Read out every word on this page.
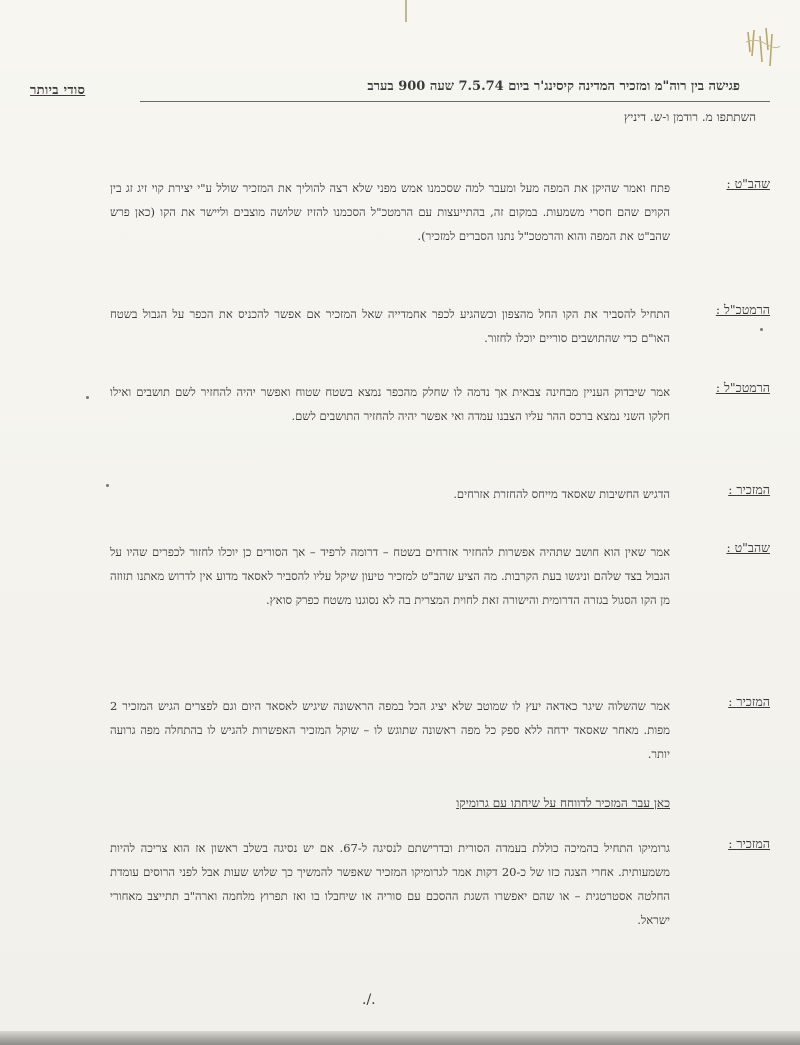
סודי ביותר	פגישה בין רוה"מ ומזכיר המדינה קיסינג'ר ביום 7.5.74 שעה 900 בערב
השתתפו מ. רודמן ו-ש. דיניץ
שהב"ט :
פתח ואמר שהיקן את המפה מעל ומעבר למה שסכמנו אמש מפני שלא רצה להוליך את המזכיר שולל ע"י יצירת קוי זיג זג בין הקוים שהם חסרי משמעות. במקום זה, בהתייעצות עם הרמטכ"ל הסכמנו להזיז שלושה מוצבים וליישר את הקו (כאן פרש שהב"ט את המפה והוא והרמטכ"ל נתנו הסברים למזכיר).
הרמטכ"ל :
התחיל להסביר את הקו החל מהצפון וכשהגיע לכפר אחמדייה שאל המזכיר אם אפשר להכניס את הכפר על הגבול בשטח האו"ם כדי שהתושבים סוריים יוכלו לחזור.
הרמטכ"ל :
אמר שיבדוק העניין מבחינה צבאית אך נדמה לו שחלק מהכפר נמצא בשטח שטוח ואפשר יהיה להחזיר לשם תושבים ואילו חלקו השני נמצא ברכס ההר עליו הצבנו עמדה ואי אפשר יהיה להחזיר התושבים לשם.
המזכיר :
הדגיש החשיבות שאסאד מייחס להחזרת אזרחים.
שהב"ט :
אמר שאין הוא חושב שתהיה אפשרות להחזיר אזרחים בשטח – דרומה לרפיד – אך הסורים כן יוכלו לחזור לכפרים שהיו על הגבול בצד שלהם וניגשו בעת הקרבות. מה הציע שהב"ט למזכיר טיעון שיקל עליו להסביר לאסאד מדוע אין לדרוש מאתנו תזוזה מן הקו הסגול בגזרה הדרומית והישורה זאת לחוית המצרית בה לא נסוגנו משטח כפרק סואץ.
המזכיר :
אמר שהשלוה שיגר כאדאה יעץ לו שמוטב שלא יציג הכל במפה הראשונה שיגיש לאסאד היום וגם לפצרים הגיש המזכיר 2 מפות. מאחר שאסאד ידחה ללא ספק כל מפה ראשונה שתוגש לו – שוקל המזכיר האפשרות להגיש לו בהתחלה מפה גרועה יותר.
כאן עבר המזכיר לדווחח על שיחתו עם גרומיקו
המזכיר :
גרומיקו התחיל בהמיכה כוללת בעמדה הסורית ובדרישתם לנסיגה ל-67. אם יש נסיגה בשלב ראשון אז הוא צריכה להיות משמעותית. אחרי הצגה כזו של כ-20 דקות אמר לגרומיקו המזכיר שאפשר להמשיך כך שלוש שעות אבל לפני הרוסים עומדת החלטה אסטרטגית – או שהם יאפשרו השגת ההסכם עם סוריה או שיחבלו בו ואז תפרוץ מלחמה וארה"ב תתייצב מאחורי ישראל.
./.
